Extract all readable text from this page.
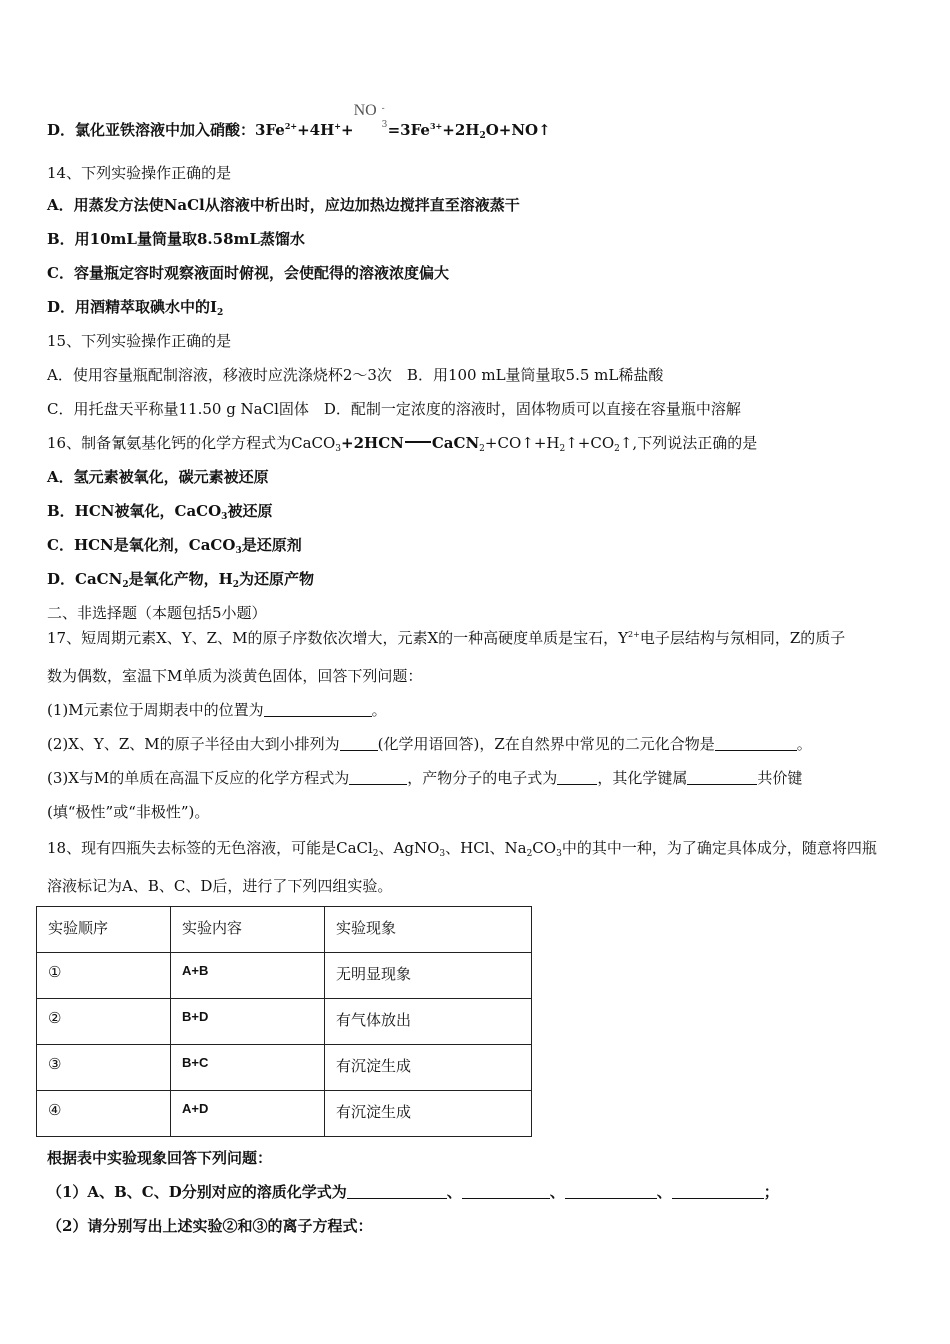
D．氯化亚铁溶液中加入硝酸：$3Fe^{2+}+4H^++$
NO -
$3 =3Fe^{3+}+2H_2O+NO↑$
14、下列实验操作正确的是
A．用蒸发方法使NaCl从溶液中析出时，应边加热边搅拌直至溶液蒸干
B．用10mL量筒量取8.58mL蒸馏水
C．容量瓶定容时观察液面时俯视，会使配得的溶液浓度偏大
D．用酒精萃取碘水中的$I_2$
15、下列实验操作正确的是
A．使用容量瓶配制溶液，移液时应洗涤烧杯2～3次　B．用100 mL量筒量取5.5 mL稀盐酸
C．用托盘天平称量11.50 g NaCl固体　D．配制一定浓度的溶液时，固体物质可以直接在容量瓶中溶解
16、制备氰氨基化钙的化学方程式为CaCO$_3$+2HCN $CaCN_2+CO↑+H_2↑+CO_2↑$,下列说法正确的是
A．氢元素被氧化，碳元素被还原
B．HCN被氧化，CaCO$_3$被还原
C．HCN是氧化剂，CaCO$_3$是还原剂
D．CaCN$_2$是氧化产物，$H_2$为还原产物
二、非选择题（本题包括5小题）
17、短周期元素X、Y、Z、M的原子序数依次增大，元素X的一种高硬度单质是宝石，$Y^{2+}$电子层结构与氖相同，Z的质子
数为偶数，室温下M单质为淡黄色固体，回答下列问题：
(1)M元素位于周期表中的位置为	。
(2)X、Y、Z、M的原子半径由大到小排列为	(化学用语回答)，Z在自然界中常见的二元化合物是	。
(3)X与M的单质在高温下反应的化学方程式为	，产物分子的电子式为	，其化学键属	共价键
(填“极性”或“非极性”)。
18、现有四瓶失去标签的无色溶液，可能是CaCl$_2$、AgNO$_3$、HCl、$Na_2CO_3$中的其中一种，为了确定具体成分，随意将四瓶
溶液标记为A、B、C、D后，进行了下列四组实验。
实验顺序	实验内容	实验现象
①	A+B	无明显现象
②	B+D	有气体放出
③	B+C	有沉淀生成
④	A+D	有沉淀生成
根据表中实验现象回答下列问题：
（1）A、B、C、D分别对应的溶质化学式为	、	、	、	；
（2）请分别写出上述实验②和③的离子方程式：
